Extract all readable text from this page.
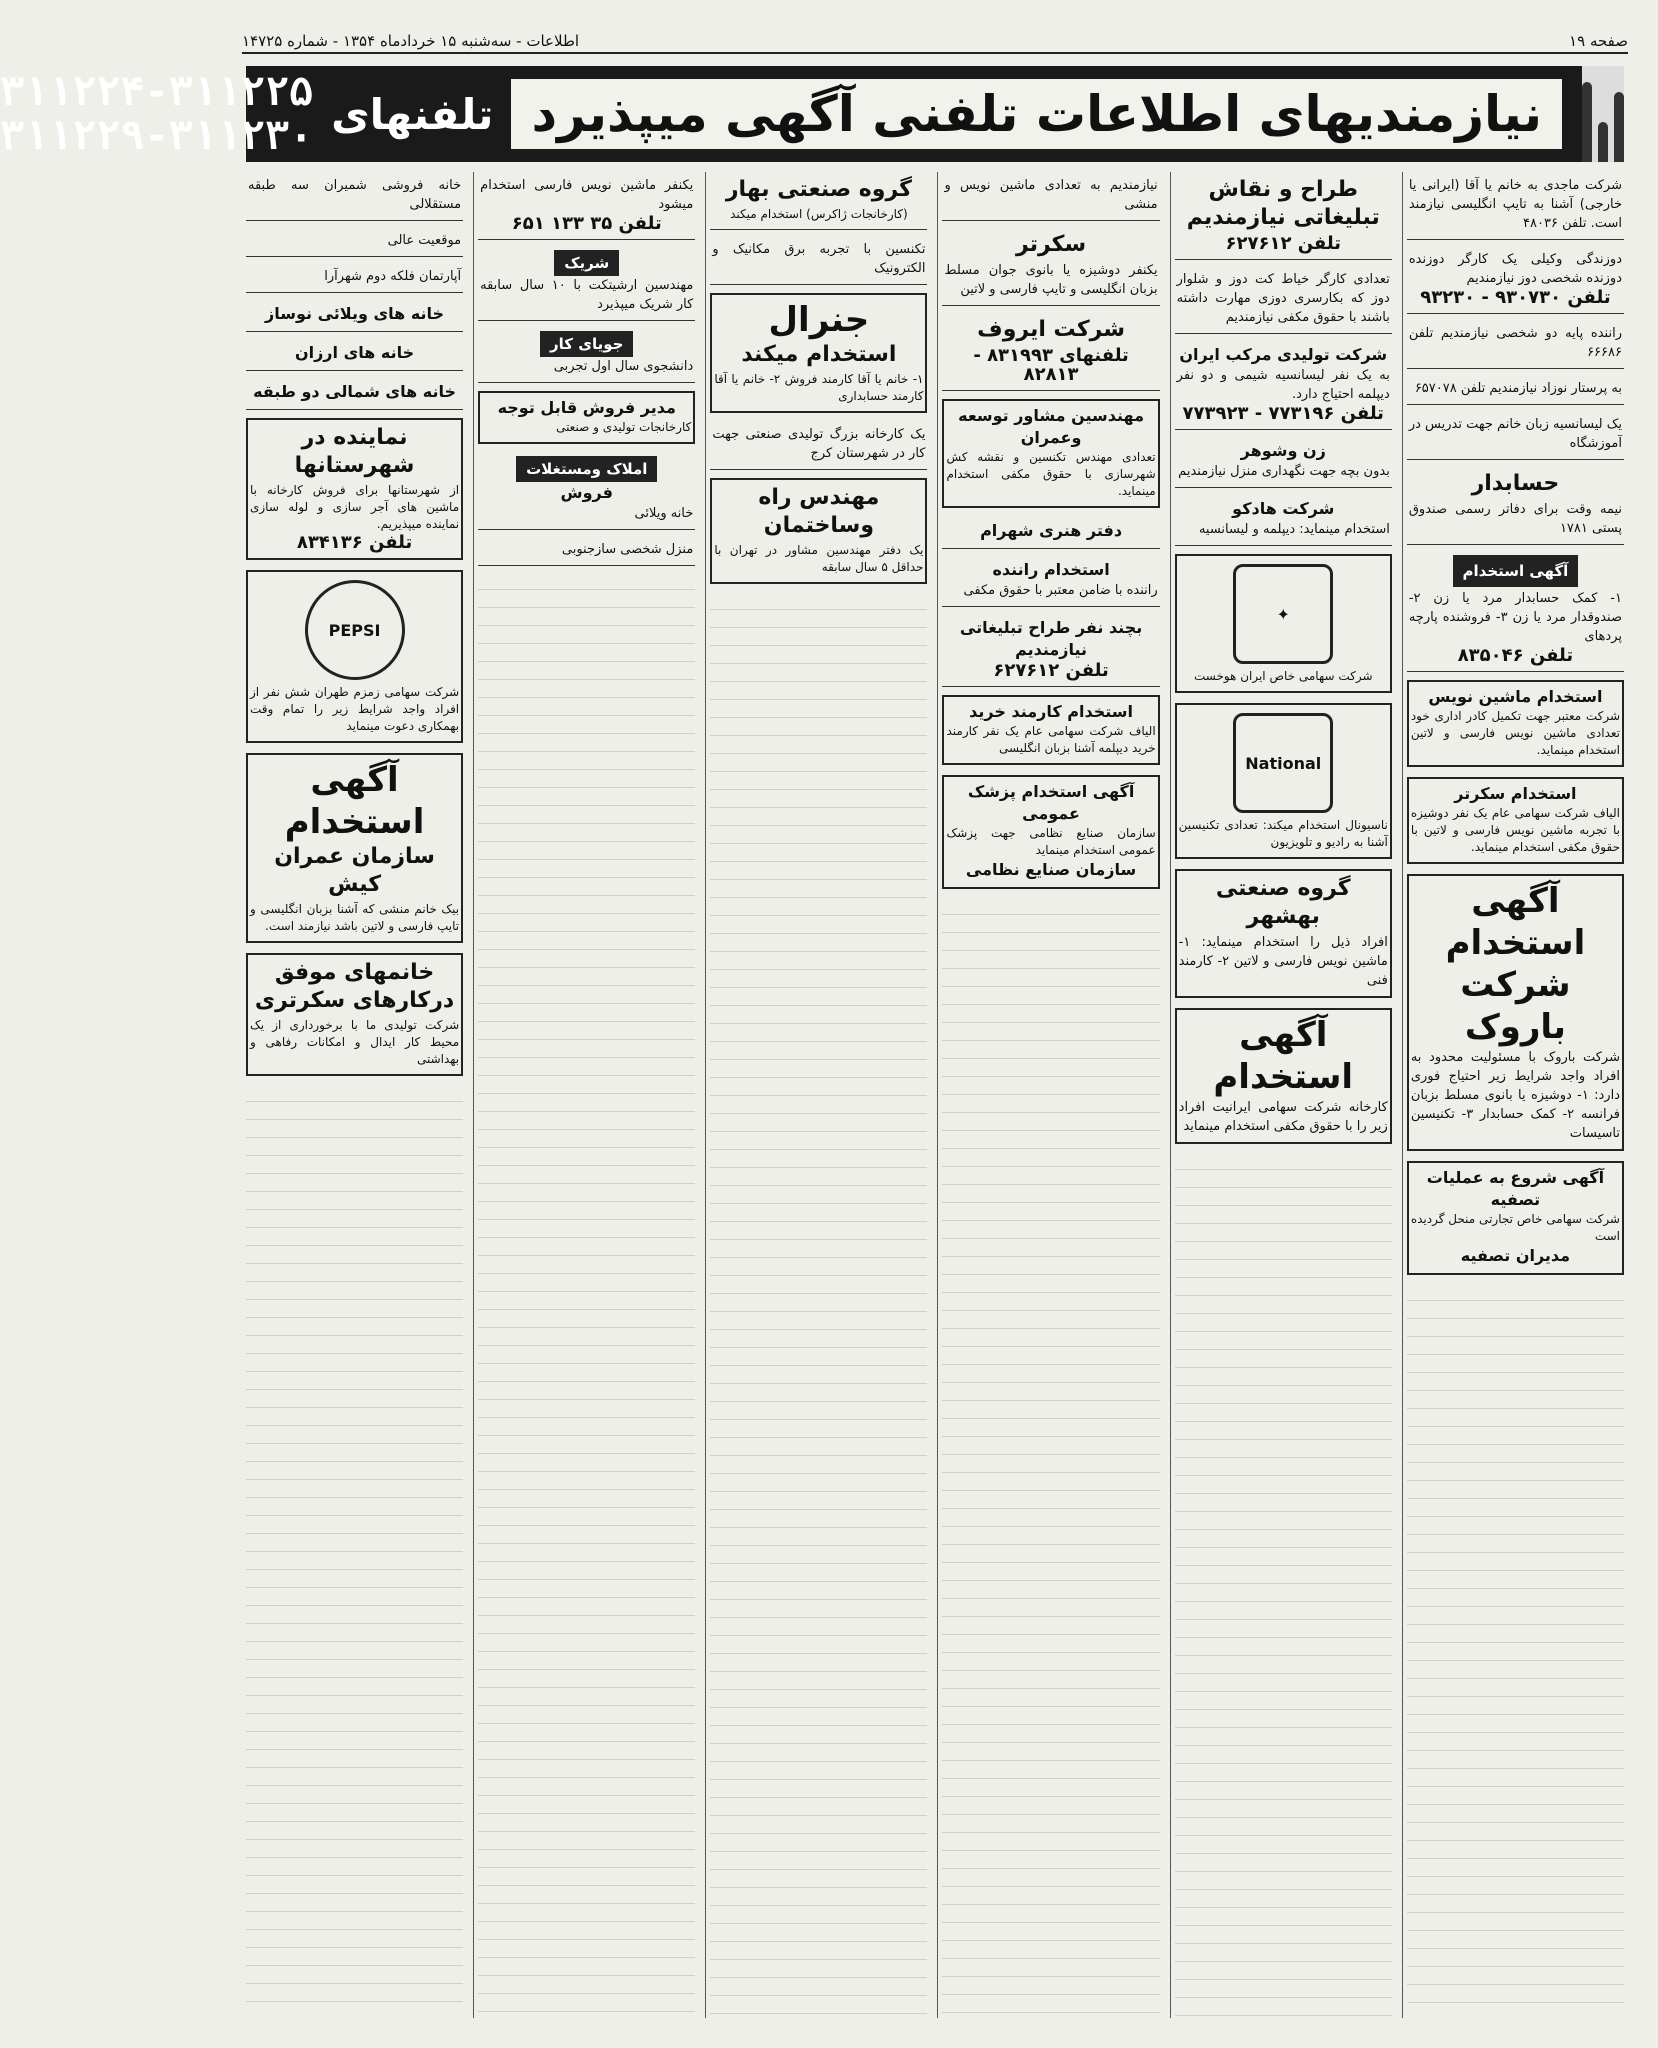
صفحه ۱۹
اطلاعات - سه‌شنبه ۱۵ خردادماه ۱۳۵۴ - شماره ۱۴۷۲۵
نیازمندیهای اطلاعات تلفنی آگهی میپذیرد
تلفنهای
۳۱۱۲۲۴-۳۱۱۲۲۵
۳۱۱۲۲۹-۳۱۱۲۳۰
شرکت ماجدی به خانم یا آقا (ایرانی یا خارجی) آشنا به تایپ انگلیسی نیازمند است. تلفن ۴۸۰۳۶
دوزندگی وکیلی یک کارگر دوزنده دوزنده شخصی دوز نیازمندیم
تلفن ۹۳۰۷۳۰ - ۹۳۲۳۰
راننده پایه دو شخصی نیازمندیم تلفن ۶۶۶۸۶
به پرستار نوزاد نیازمندیم تلفن ۶۵۷۰۷۸
یک لیسانسیه زبان خانم جهت تدریس در آموزشگاه
حسابدار
نیمه وقت برای دفاتر رسمی صندوق پستی ۱۷۸۱
آگهی استخدام
۱- کمک حسابدار مرد یا زن ۲- صندوقدار مرد یا زن ۳- فروشنده پارچه پردهای
تلفن ۸۳۵۰۴۶
استخدام ماشین نویس
شرکت معتبر جهت تکمیل کادر اداری خود تعدادی ماشین نویس فارسی و لاتین استخدام مینماید.
استخدام سکرتر
الیاف شرکت سهامی عام یک نفر دوشیزه با تجربه ماشین نویس فارسی و لاتین با حقوق مکفی استخدام مینماید.
آگهی استخدام شرکت باروک
شرکت باروک با مسئولیت محدود به افراد واجد شرایط زیر احتیاج فوری دارد: ۱- دوشیزه یا بانوی مسلط بزبان فرانسه ۲- کمک حسابدار ۳- تکنیسین تاسیسات
آگهی شروع به عملیات تصفیه
شرکت سهامی خاص تجارتی منحل گردیده است
مدیران تصفیه
طراح و نقاش تبلیغاتی نیازمندیم
تلفن ۶۲۷۶۱۲
تعدادی کارگر خیاط کت دوز و شلوار دوز که بکارسری دوزی مهارت داشته باشند با حقوق مکفی نیازمندیم
شرکت تولیدی مرکب ایران
به یک نفر لیسانسیه شیمی و دو نفر دیپلمه احتیاج دارد.
تلفن ۷۷۳۱۹۶ - ۷۷۳۹۲۳
زن وشوهر
بدون بچه جهت نگهداری منزل نیازمندیم
شرکت هادکو
استخدام مینماید: دیپلمه و لیسانسیه
✦
شرکت سهامی خاص ایران هوخست
National
ناسیونال استخدام میکند: تعدادی تکنیسین آشنا به رادیو و تلویزیون
گروه صنعتی بهشهر
افراد ذیل را استخدام مینماید: ۱- ماشین نویس فارسی و لاتین ۲- کارمند فنی
آگهی استخدام
کارخانه شرکت سهامی ایرانیت افراد زیر را با حقوق مکفی استخدام مینماید
نیازمندیم به تعدادی ماشین نویس و منشی
سکرتر
یکنفر دوشیزه یا بانوی جوان مسلط بزبان انگلیسی و تایپ فارسی و لاتین
شرکت ایروف
تلفنهای ۸۳۱۹۹۳ - ۸۲۸۱۳
مهندسین مشاور توسعه وعمران
تعدادی مهندس تکنسین و نقشه کش شهرسازی با حقوق مکفی استخدام مینماید.
دفتر هنری شهرام
استخدام راننده
راننده با ضامن معتبر با حقوق مکفی
بچند نفر طراح تبلیغاتی نیازمندیم
تلفن ۶۲۷۶۱۲
استخدام کارمند خرید
الیاف شرکت سهامی عام یک نفر کارمند خرید دیپلمه آشنا بزبان انگلیسی
آگهی استخدام پزشک عمومی
سازمان صنایع نظامی جهت پزشک عمومی استخدام مینماید
سازمان صنایع نظامی
گروه صنعتی بهار
(کارخانجات ژاکرس) استخدام میکند
تکنسین با تجربه برق مکانیک و الکترونیک
جنرال
استخدام میکند
۱- خانم یا آقا کارمند فروش ۲- خانم یا آقا کارمند حسابداری
یک کارخانه بزرگ تولیدی صنعتی جهت کار در شهرستان کرج
مهندس راه وساختمان
یک دفتر مهندسین مشاور در تهران با حداقل ۵ سال سابقه
یکنفر ماشین نویس فارسی استخدام میشود
تلفن ۳۵ ۱۳۳ ۶۵۱
شریک
مهندسین ارشیتکت با ۱۰ سال سابقه کار شریک میپذیرد
جویای کار
دانشجوی سال اول تجربی
مدیر فروش قابل توجه
کارخانجات تولیدی و صنعتی
املاک ومستغلات
فروش
خانه ویلائی
منزل شخصی سازجنوبی
خانه فروشی شمیران سه طبقه مستقلالی
موقعیت عالی
آپارتمان فلکه دوم شهرآرا
خانه های ویلائی نوساز
خانه های ارزان
خانه های شمالی دو طبقه
نماینده در شهرستانها
از شهرستانها برای فروش کارخانه با ماشین های آجر سازی و لوله سازی نماینده میپذیریم.
تلفن ۸۳۴۱۳۶
PEPSI
شرکت سهامی زمزم طهران شش نفر از افراد واجد شرایط زیر را تمام وقت بهمکاری دعوت مینماید
آگهی استخدام
سازمان عمران کیش
بیک خانم منشی که آشنا بزبان انگلیسی و تایپ فارسی و لاتین باشد نیازمند است.
خانمهای موفق درکارهای سکرتری
شرکت تولیدی ما با برخورداری از یک محیط کار ایدال و امکانات رفاهی و بهداشتی
